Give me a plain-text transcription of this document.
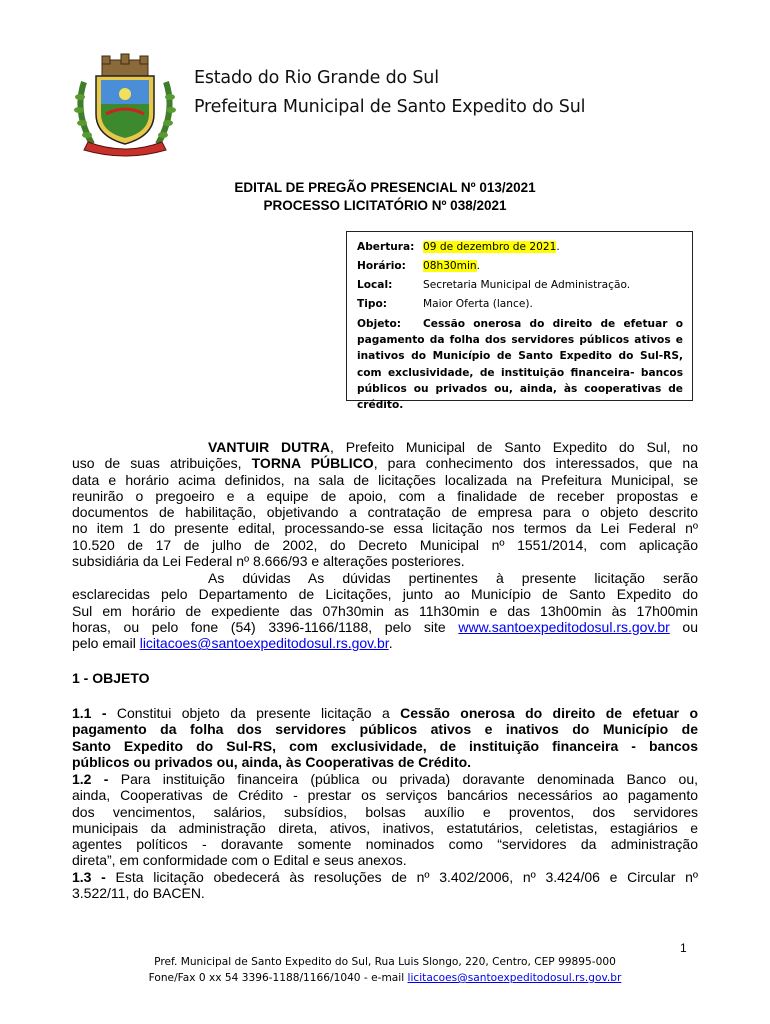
Estado do Rio Grande do Sul
Prefeitura Municipal de Santo Expedito do Sul
EDITAL DE PREGÃO PRESENCIAL Nº 013/2021
PROCESSO LICITATÓRIO Nº 038/2021
Abertura: 09 de dezembro de 2021.
Horário:	08h30min.
Local:	Secretaria Municipal de Administração.
Tipo:	Maior Oferta (lance).
Objeto: Cessão onerosa do direito de efetuar o pagamento da folha dos servidores públicos ativos e inativos do Município de Santo Expedito do Sul-RS, com exclusividade, de instituição financeira- bancos públicos ou privados ou, ainda, às cooperativas de crédito.
VANTUIR DUTRA, Prefeito Municipal de Santo Expedito do Sul, no
uso de suas atribuições, TORNA PÚBLICO, para conhecimento dos interessados, que na
data e horário acima definidos, na sala de licitações localizada na Prefeitura Municipal, se
reunirão o pregoeiro e a equipe de apoio, com a finalidade de receber propostas e
documentos de habilitação, objetivando a contratação de empresa para o objeto descrito
no item 1 do presente edital, processando-se essa licitação nos termos da Lei Federal nº
10.520 de 17 de julho de 2002, do Decreto Municipal nº 1551/2014, com aplicação
subsidiária da Lei Federal nº 8.666/93 e alterações posteriores.
As dúvidas As dúvidas pertinentes à presente licitação serão
esclarecidas pelo Departamento de Licitações, junto ao Município de Santo Expedito do
Sul em horário de expediente das 07h30min as 11h30min e das 13h00min às 17h00min
horas, ou pelo fone (54) 3396-1166/1188, pelo site www.santoexpeditodosul.rs.gov.br ou
pelo email licitacoes@santoexpeditodosul.rs.gov.br.
1 - OBJETO
1.1 - Constitui objeto da presente licitação a Cessão onerosa do direito de efetuar o
pagamento da folha dos servidores públicos ativos e inativos do Município de
Santo Expedito do Sul-RS, com exclusividade, de instituição financeira - bancos
públicos ou privados ou, ainda, às Cooperativas de Crédito.
1.2 - Para instituição financeira (pública ou privada) doravante denominada Banco ou,
ainda, Cooperativas de Crédito - prestar os serviços bancários necessários ao pagamento
dos vencimentos, salários, subsídios, bolsas auxílio e proventos, dos servidores
municipais da administração direta, ativos, inativos, estatutários, celetistas, estagiários e
agentes políticos - doravante somente nominados como “servidores da administração
direta”, em conformidade com o Edital e seus anexos.
1.3 - Esta licitação obedecerá às resoluções de nº 3.402/2006, nº 3.424/06 e Circular nº
3.522/11, do BACEN.
1
Pref. Municipal de Santo Expedito do Sul, Rua Luis Slongo, 220, Centro, CEP 99895-000
Fone/Fax 0 xx 54 3396-1188/1166/1040 - e-mail licitacoes@santoexpeditodosul.rs.gov.br
